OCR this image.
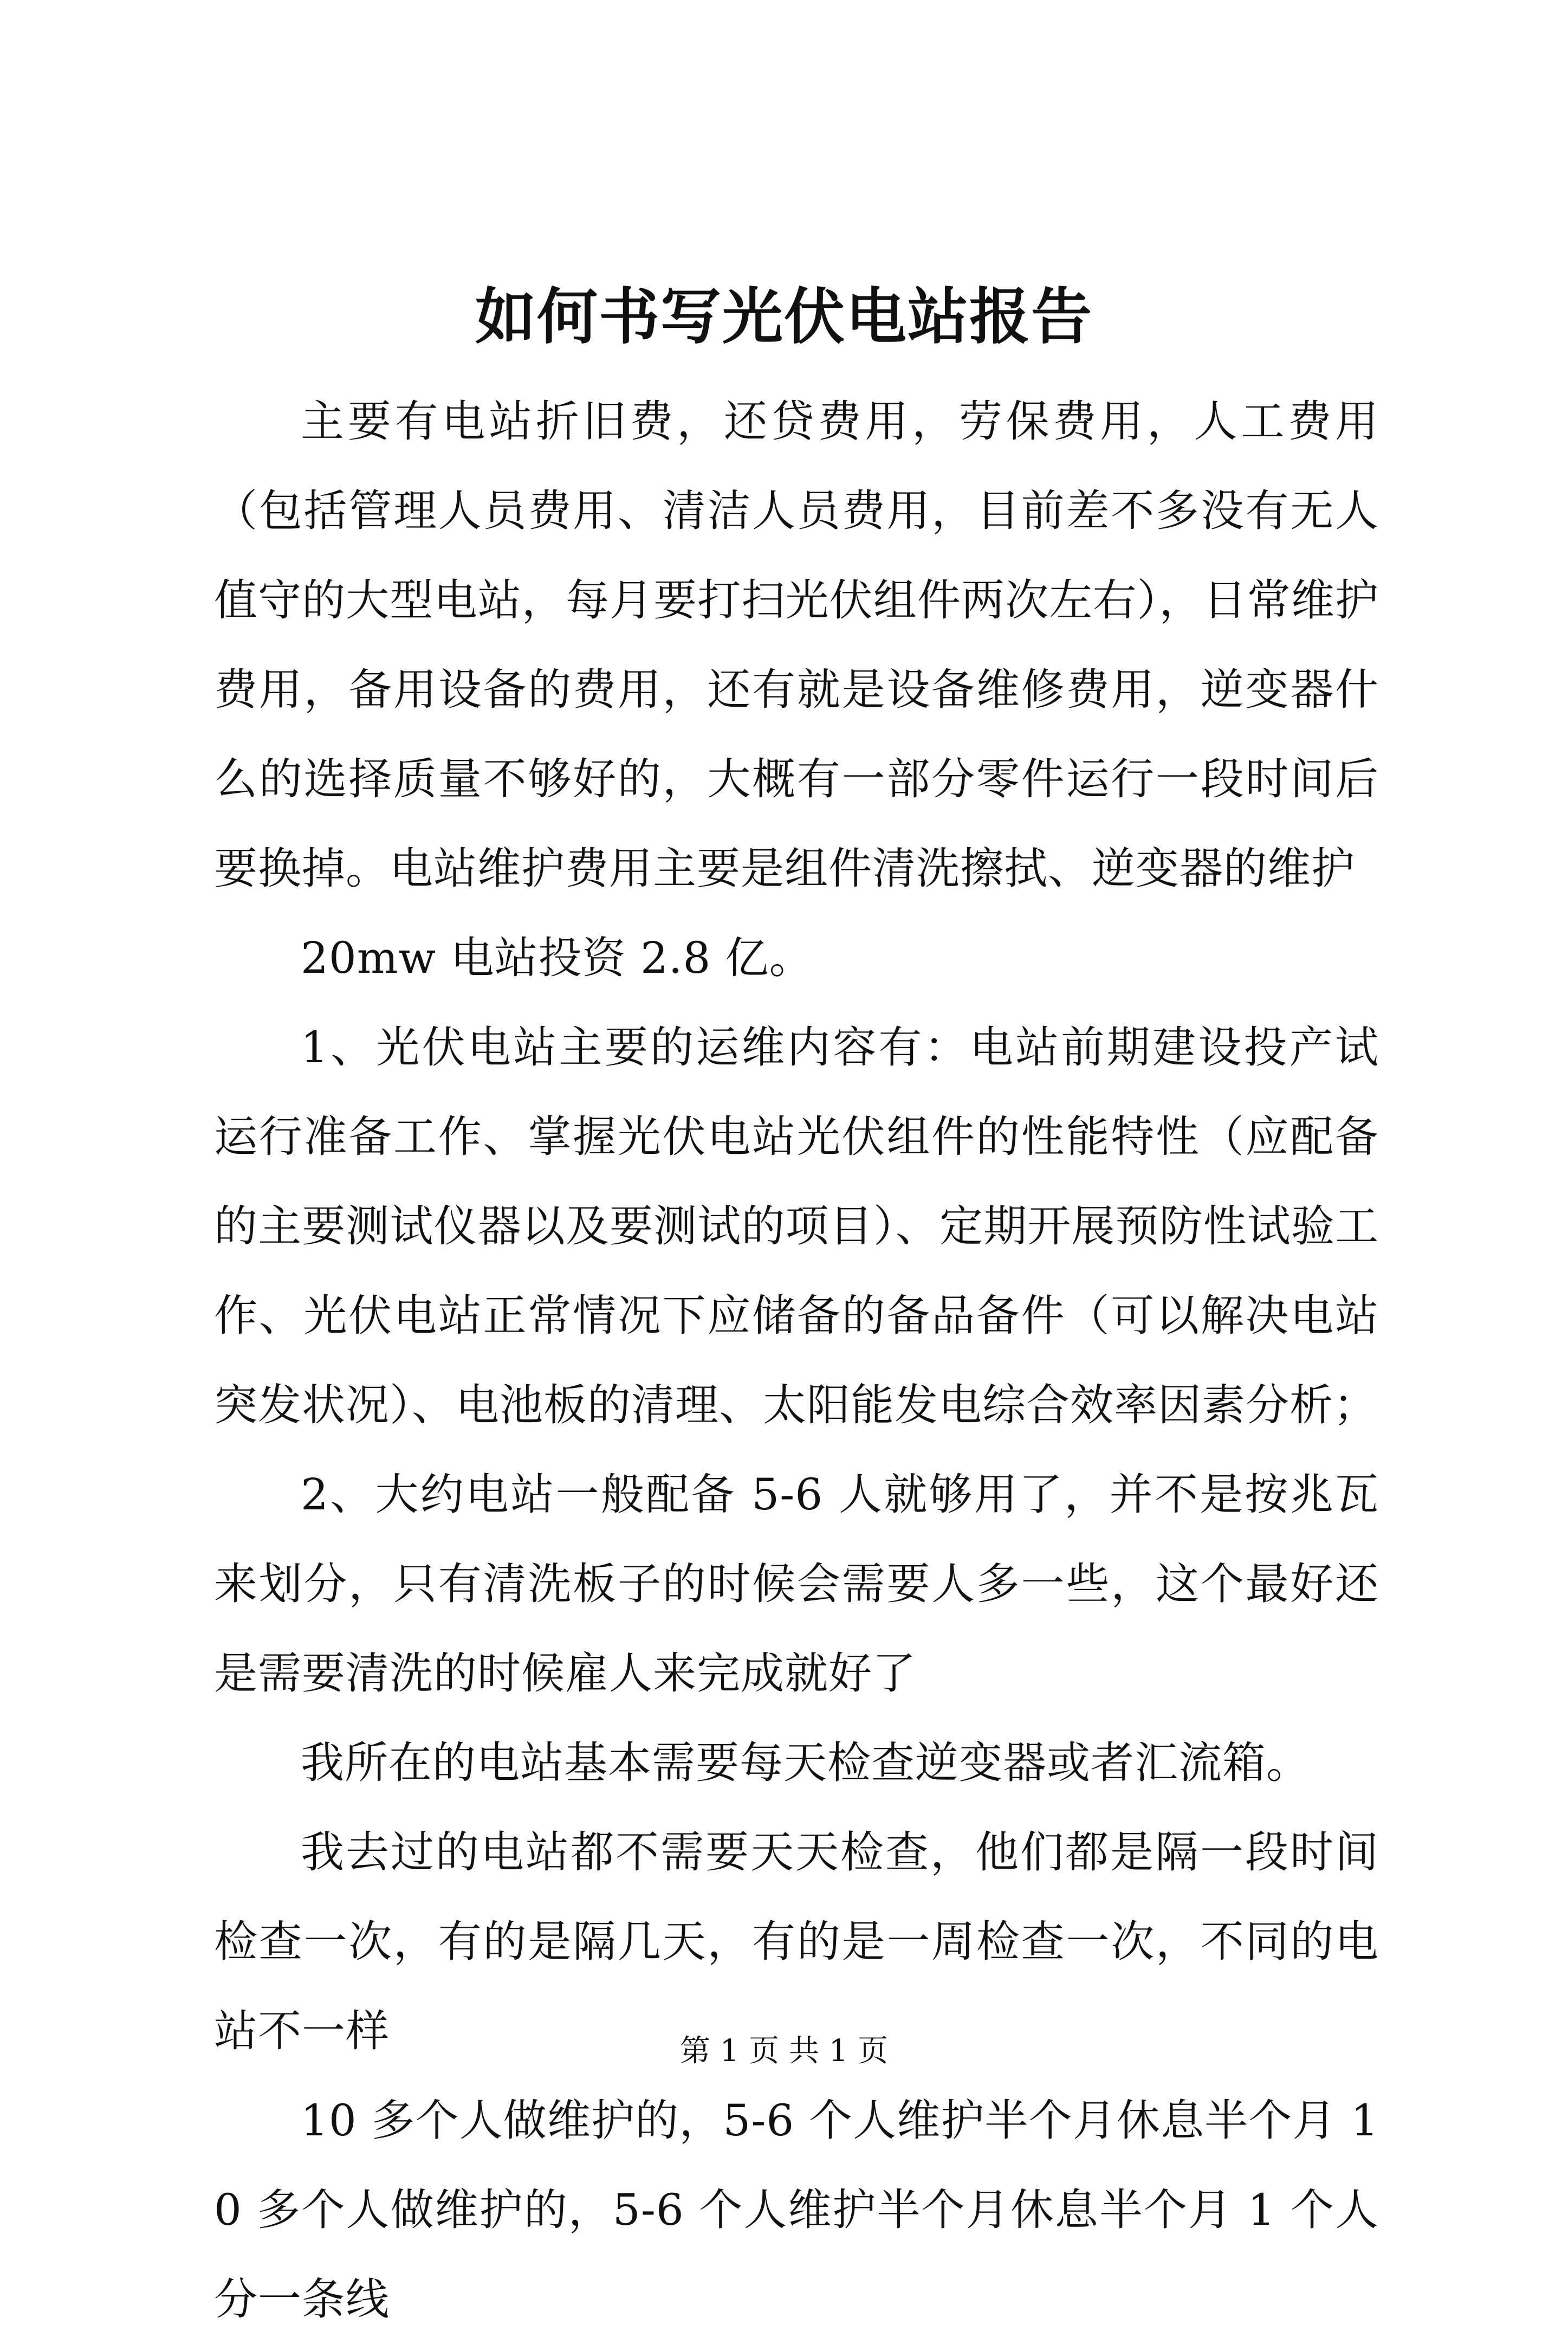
如何书写光伏电站报告

主要有电站折旧费，还贷费用，劳保费用，人工费用（包括管理人员费用、清洁人员费用，目前差不多没有无人值守的大型电站，每月要打扫光伏组件两次左右），日常维护费用，备用设备的费用，还有就是设备维修费用，逆变器什么的选择质量不够好的，大概有一部分零件运行一段时间后要换掉。电站维护费用主要是组件清洗擦拭、逆变器的维护

20mw 电站投资 2.8 亿。

1、光伏电站主要的运维内容有：电站前期建设投产试运行准备工作、掌握光伏电站光伏组件的性能特性（应配备的主要测试仪器以及要测试的项目）、定期开展预防性试验工作、光伏电站正常情况下应储备的备品备件（可以解决电站突发状况）、电池板的清理、太阳能发电综合效率因素分析；

2、大约电站一般配备 5-6 人就够用了，并不是按兆瓦来划分，只有清洗板子的时候会需要人多一些，这个最好还是需要清洗的时候雇人来完成就好了

我所在的电站基本需要每天检查逆变器或者汇流箱。

我去过的电站都不需要天天检查，他们都是隔一段时间检查一次，有的是隔几天，有的是一周检查一次，不同的电站不一样

10 多个人做维护的，5-6 个人维护半个月休息半个月 10 多个人做维护的，5-6 个人维护半个月休息半个月 1 个人分一条线

第 1 页 共 1 页
